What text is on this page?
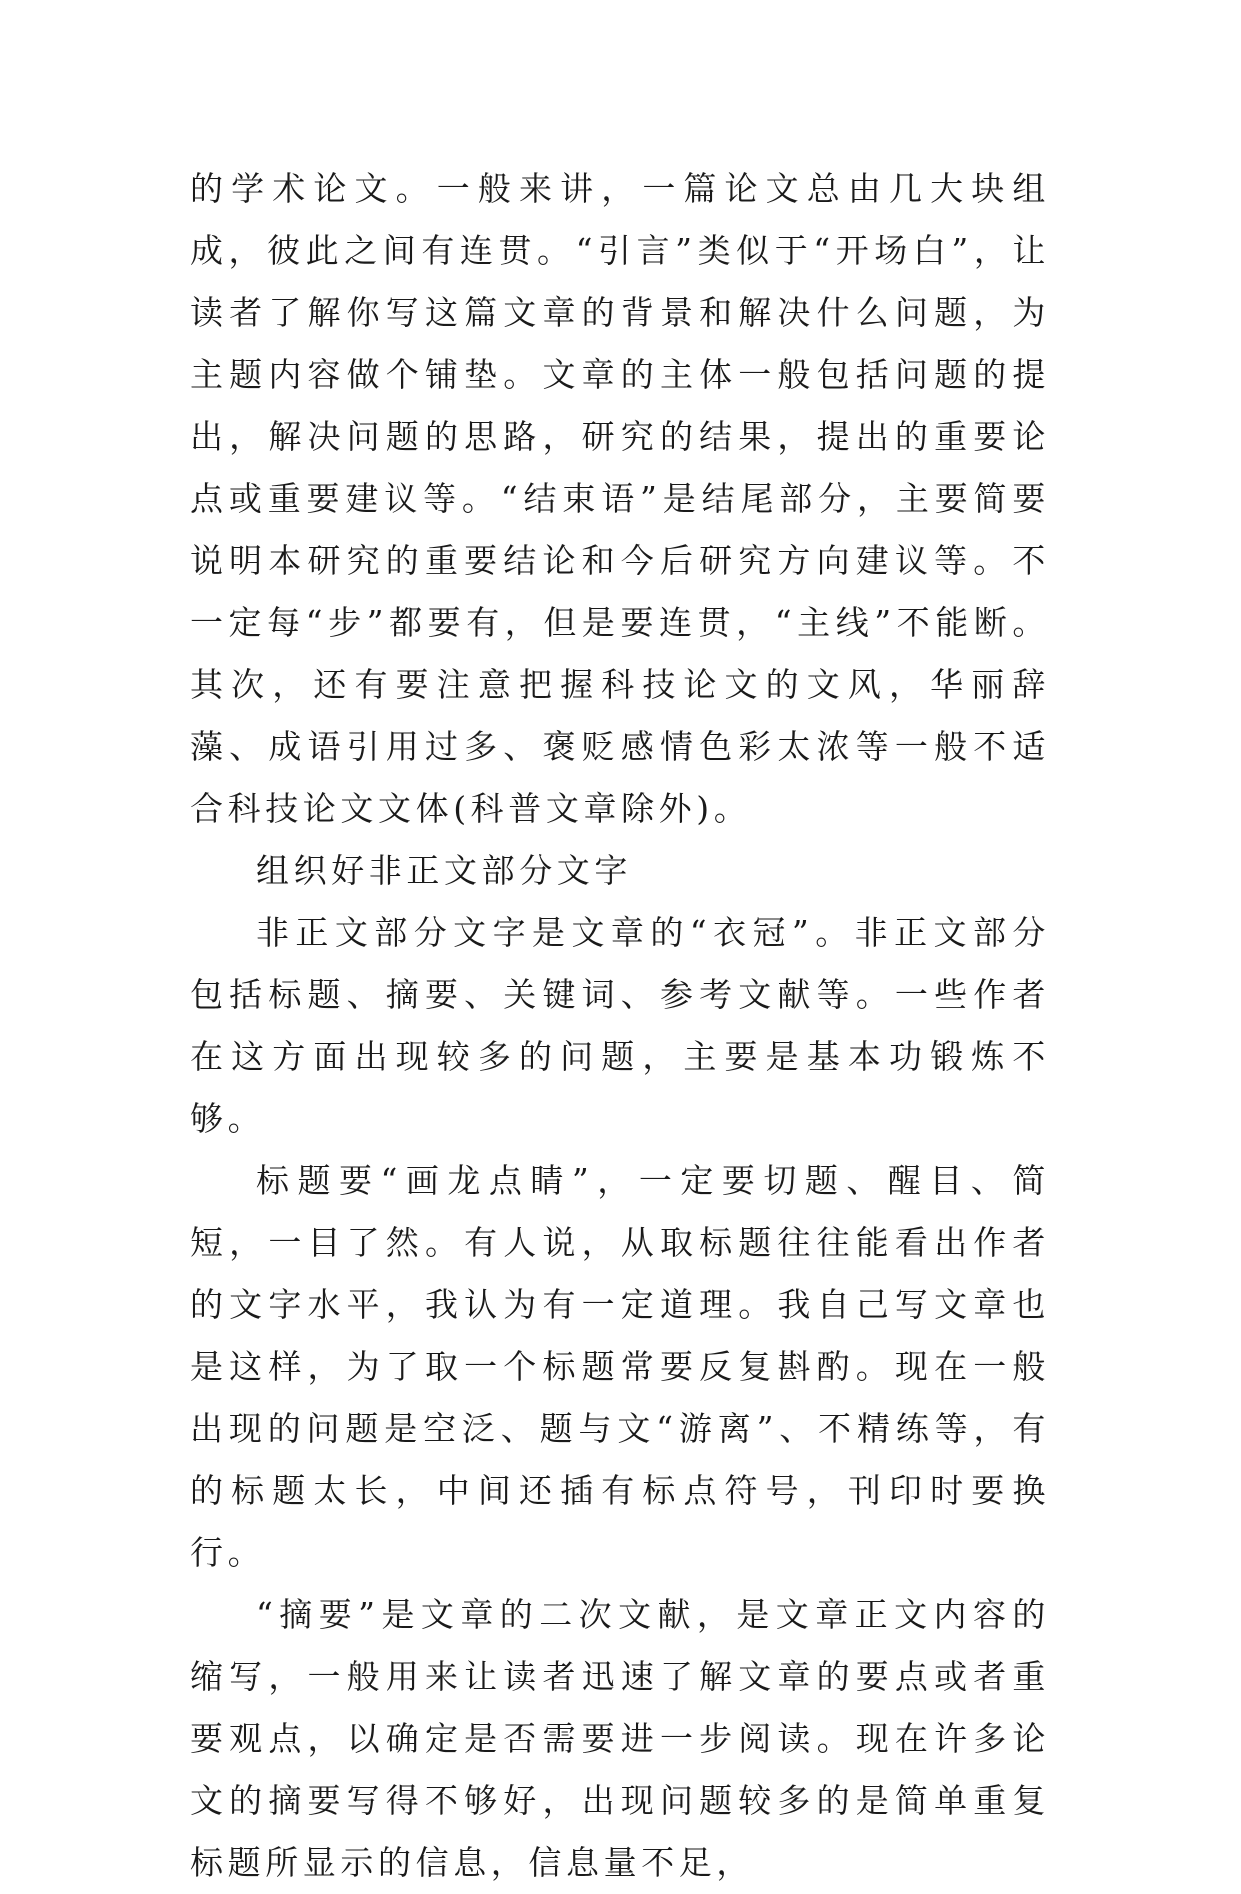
的学术论文。一般来讲，一篇论文总由几大块组成，彼此之间有连贯。“引言”类似于“开场白”，让读者了解你写这篇文章的背景和解决什么问题，为主题内容做个铺垫。文章的主体一般包括问题的提出，解决问题的思路，研究的结果，提出的重要论点或重要建议等。“结束语”是结尾部分，主要简要说明本研究的重要结论和今后研究方向建议等。不一定每“步”都要有，但是要连贯，“主线”不能断。其次，还有要注意把握科技论文的文风，华丽辞藻、成语引用过多、褒贬感情色彩太浓等一般不适合科技论文文体(科普文章除外)。

组织好非正文部分文字

非正文部分文字是文章的“衣冠”。非正文部分包括标题、摘要、关键词、参考文献等。一些作者在这方面出现较多的问题，主要是基本功锻炼不够。

标题要“画龙点睛”，一定要切题、醒目、简短，一目了然。有人说，从取标题往往能看出作者的文字水平，我认为有一定道理。我自己写文章也是这样，为了取一个标题常要反复斟酌。现在一般出现的问题是空泛、题与文“游离”、不精练等，有的标题太长，中间还插有标点符号，刊印时要换行。

“摘要”是文章的二次文献，是文章正文内容的缩写，一般用来让读者迅速了解文章的要点或者重要观点，以确定是否需要进一步阅读。现在许多论文的摘要写得不够好，出现问题较多的是简单重复标题所显示的信息，信息量不足，
